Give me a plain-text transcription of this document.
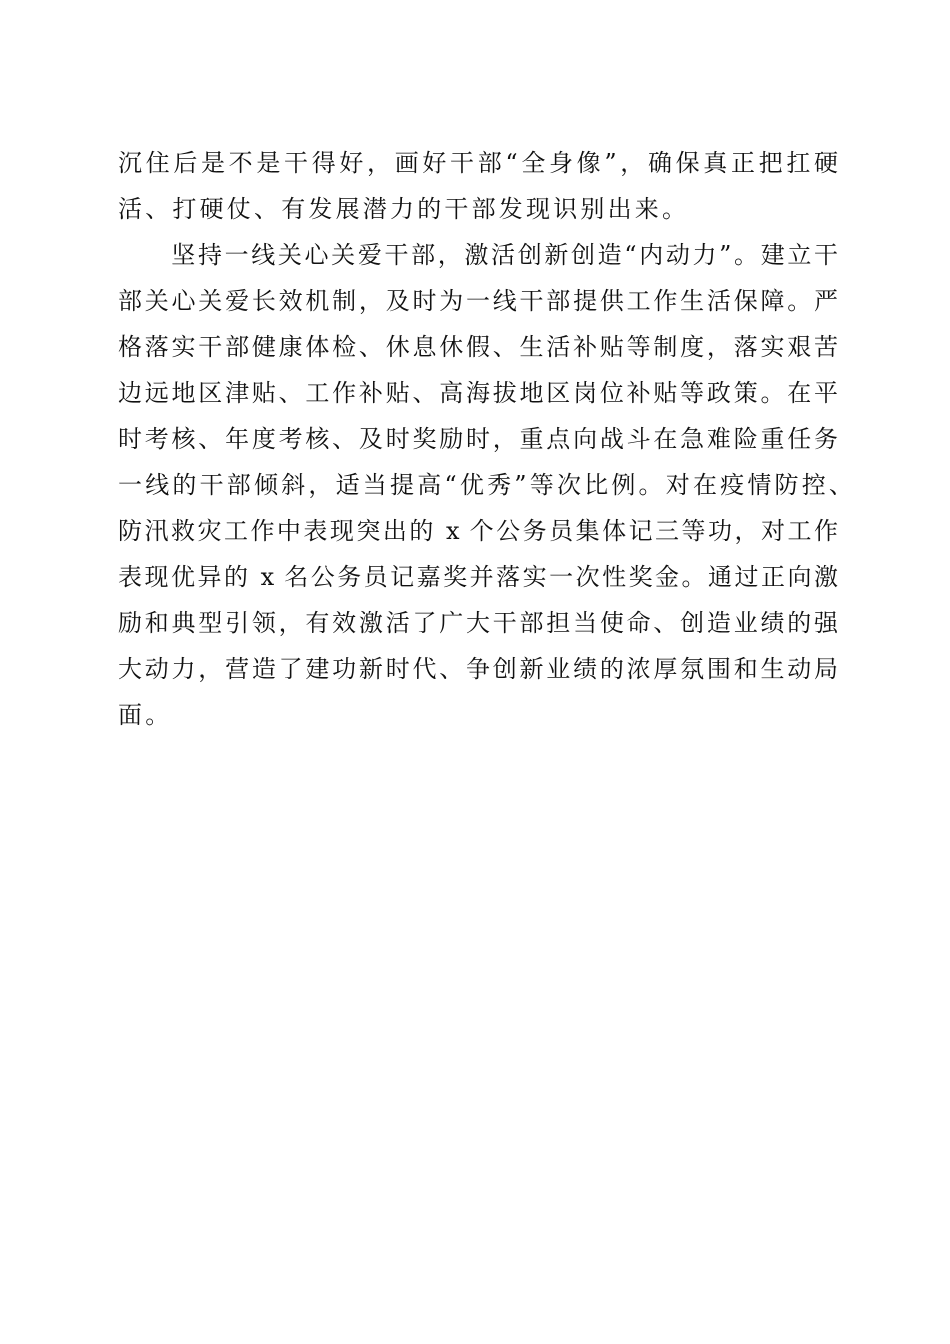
沉住后是不是干得好，画好干部“全身像”，确保真正把扛硬
活、打硬仗、有发展潜力的干部发现识别出来。
　　坚持一线关心关爱干部，激活创新创造“内动力”。建立干
部关心关爱长效机制，及时为一线干部提供工作生活保障。严
格落实干部健康体检、休息休假、生活补贴等制度，落实艰苦
边远地区津贴、工作补贴、高海拔地区岗位补贴等政策。在平
时考核、年度考核、及时奖励时，重点向战斗在急难险重任务
一线的干部倾斜，适当提高“优秀”等次比例。对在疫情防控、
防汛救灾工作中表现突出的 x 个公务员集体记三等功，对工作
表现优异的 x 名公务员记嘉奖并落实一次性奖金。通过正向激
励和典型引领，有效激活了广大干部担当使命、创造业绩的强
大动力，营造了建功新时代、争创新业绩的浓厚氛围和生动局
面。
